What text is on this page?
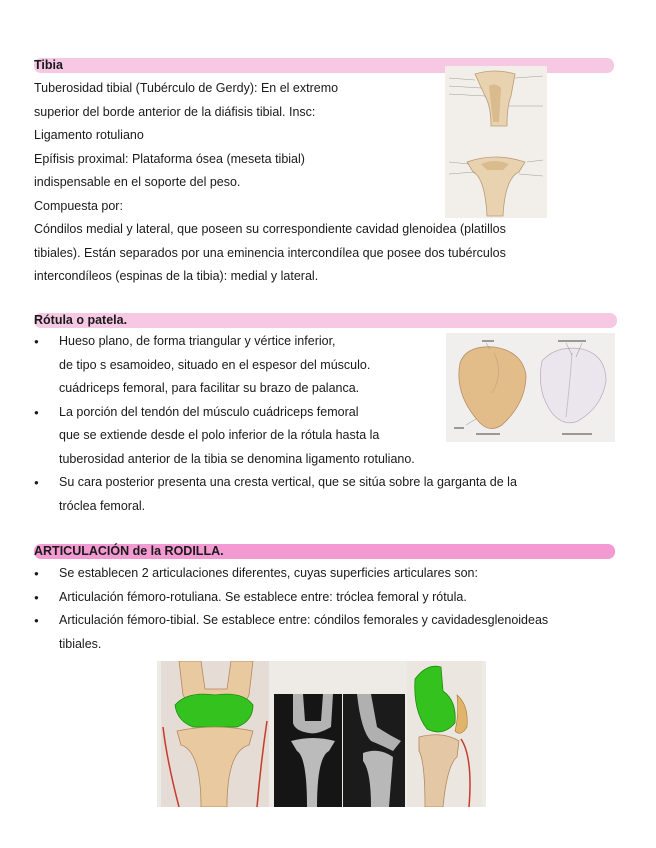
Tibia
Tuberosidad tibial (Tubérculo de Gerdy): En el extremo
superior del borde anterior de la diáfisis tibial. Insc:
Ligamento rotuliano
Epífisis proximal: Plataforma ósea (meseta tibial)
indispensable en el soporte del peso.
Compuesta por:
Cóndilos medial y lateral, que poseen su correspondiente cavidad glenoidea (platillos
tibiales). Están separados por una eminencia intercondílea que posee dos tubérculos
intercondíleos (espinas de la tibia): medial y lateral.
Rótula o patela.
● Hueso plano, de forma triangular y vértice inferior,
de tipo s esamoideo, situado en el espesor del músculo.
cuádriceps femoral, para facilitar su brazo de palanca.
● La porción del tendón del músculo cuádriceps femoral
que se extiende desde el polo inferior de la rótula hasta la
tuberosidad anterior de la tibia se denomina ligamento rotuliano.
● Su cara posterior presenta una cresta vertical, que se sitúa sobre la garganta de la
tróclea femoral.
ARTICULACIÓN de la RODILLA.
● Se establecen 2 articulaciones diferentes, cuyas superficies articulares son:
● Articulación fémoro-rotuliana. Se establece entre: tróclea femoral y rótula.
● Articulación fémoro-tibial. Se establece entre: cóndilos femorales y cavidadesglenoideas
tibiales.
